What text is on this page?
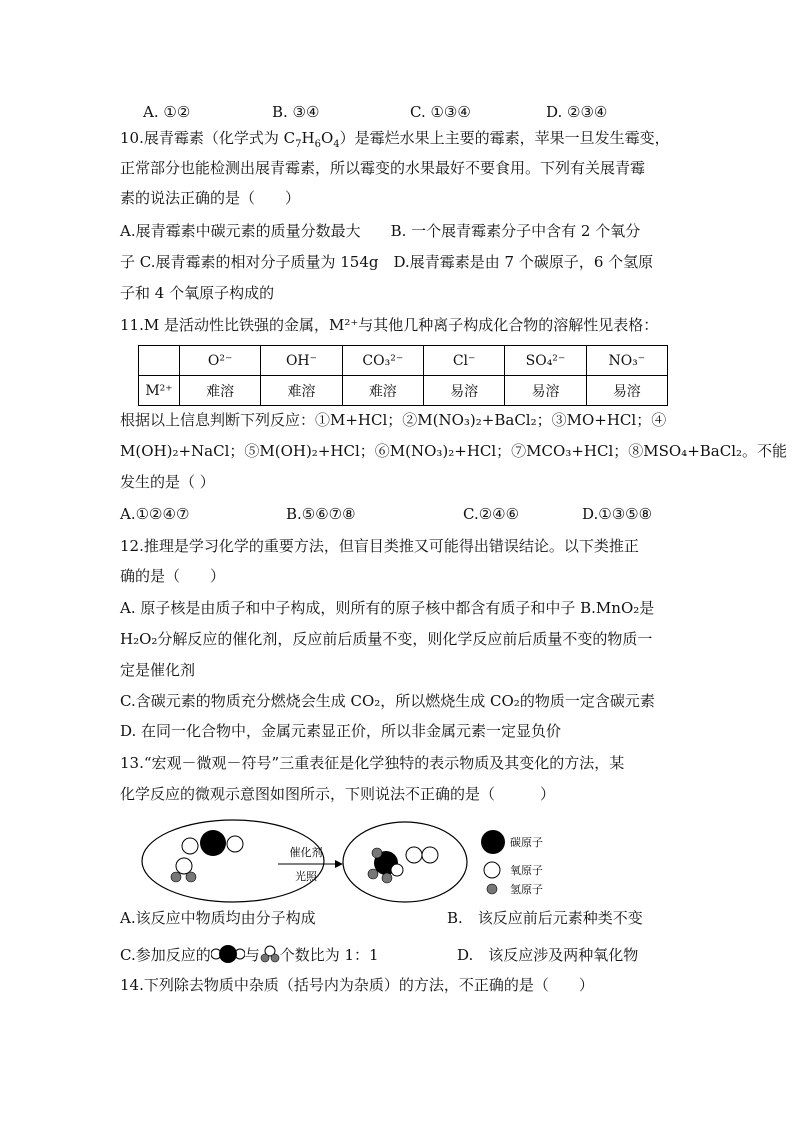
A. ①②	B. ③④	C. ①③④	D. ②③④
10.展青霉素（化学式为 $C_7H_6O_4$）是霉烂水果上主要的霉素，苹果一旦发生霉变，
正常部分也能检测出展青霉素，所以霉变的水果最好不要食用。下列有关展青霉
素的说法正确的是（　　）
A.展青霉素中碳元素的质量分数最大　　B. 一个展青霉素分子中含有 2 个氧分
子 C.展青霉素的相对分子质量为 154g　D.展青霉素是由 7 个碳原子，6 个氢原
子和 4 个氧原子构成的
11.M 是活动性比铁强的金属，M²⁺与其他几种离子构成化合物的溶解性见表格：
	O²⁻	OH⁻	CO₃²⁻	Cl⁻	SO₄²⁻	NO₃⁻
M²⁺	难溶	难溶	难溶	易溶	易溶	易溶
根据以上信息判断下列反应：①M+HCl；②M(NO₃)₂+BaCl₂；③MO+HCl；④
M(OH)₂+NaCl；⑤M(OH)₂+HCl；⑥M(NO₃)₂+HCl；⑦MCO₃+HCl；⑧MSO₄+BaCl₂。不能
发生的是（ ）
A.①②④⑦	B.⑤⑥⑦⑧	C.②④⑥	D.①③⑤⑧
12.推理是学习化学的重要方法，但盲目类推又可能得出错误结论。以下类推正
确的是（　　）
A. 原子核是由质子和中子构成，则所有的原子核中都含有质子和中子 B.MnO₂是
H₂O₂分解反应的催化剂，反应前后质量不变，则化学反应前后质量不变的物质一
定是催化剂
C.含碳元素的物质充分燃烧会生成 CO₂，所以燃烧生成 CO₂的物质一定含碳元素
D. 在同一化合物中，金属元素显正价，所以非金属元素一定显负价
13.“宏观－微观－符号”三重表征是化学独特的表示物质及其变化的方法，某
化学反应的微观示意图如图所示，下则说法不正确的是（　　　）
催化剂
光照
碳原子
氧原子
氢原子
A.该反应中物质均由分子构成	B.　该反应前后元素种类不变
C.参加反应的 与 个数比为 1：1	D.　该反应涉及两种氧化物
14.下列除去物质中杂质（括号内为杂质）的方法，不正确的是（　　）
